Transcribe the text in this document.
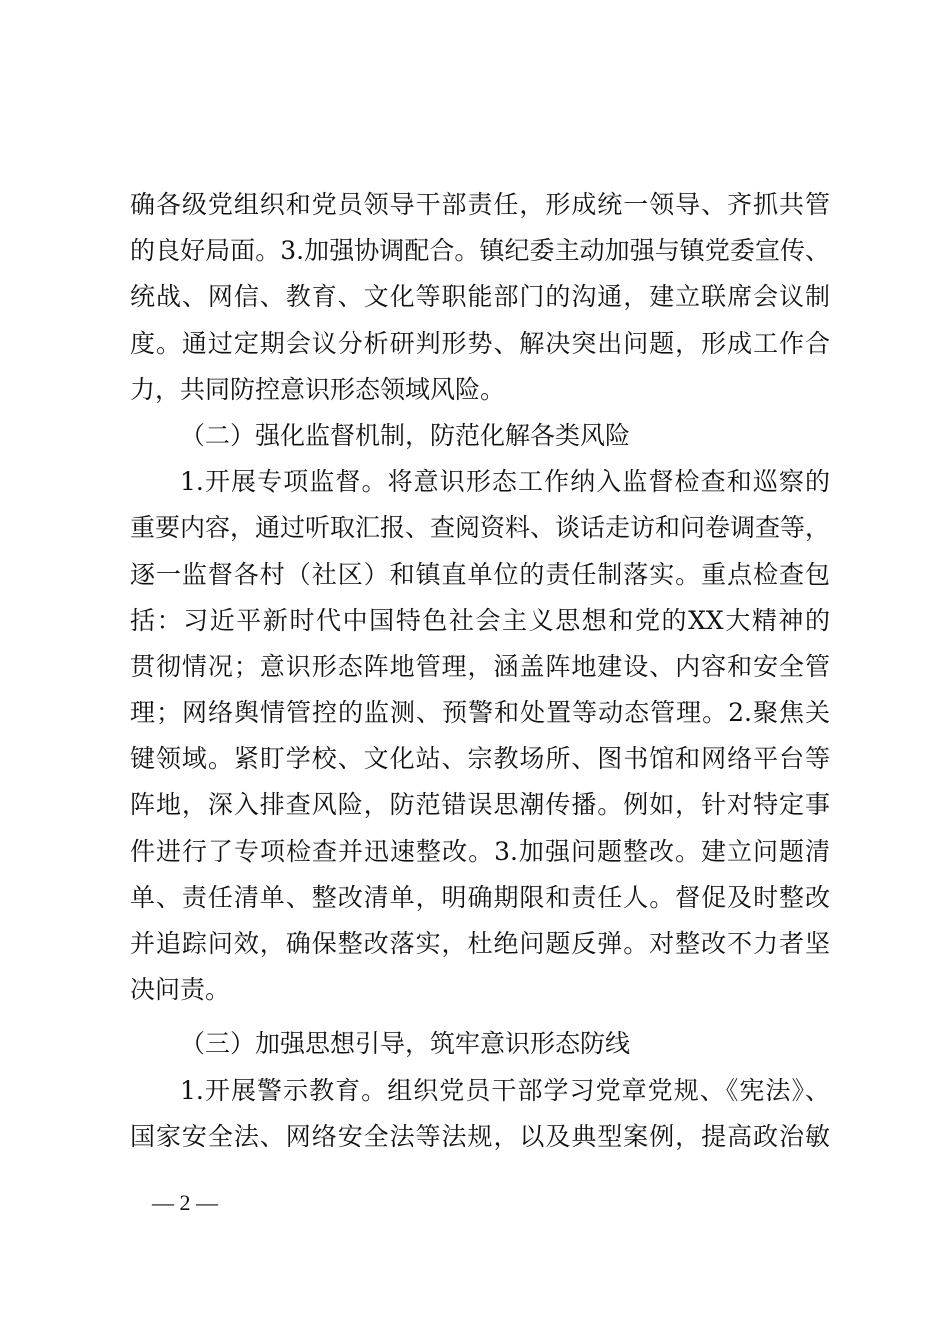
确各级党组织和党员领导干部责任，形成统一领导、齐抓共管
的良好局面。3.加强协调配合。镇纪委主动加强与镇党委宣传、
统战、网信、教育、文化等职能部门的沟通，建立联席会议制
度。通过定期会议分析研判形势、解决突出问题，形成工作合
力，共同防控意识形态领域风险。
（二）强化监督机制，防范化解各类风险
1.开展专项监督。将意识形态工作纳入监督检查和巡察的
重要内容，通过听取汇报、查阅资料、谈话走访和问卷调查等，
逐一监督各村（社区）和镇直单位的责任制落实。重点检查包
括：习近平新时代中国特色社会主义思想和党的XX大精神的
贯彻情况；意识形态阵地管理，涵盖阵地建设、内容和安全管
理；网络舆情管控的监测、预警和处置等动态管理。2.聚焦关
键领域。紧盯学校、文化站、宗教场所、图书馆和网络平台等
阵地，深入排查风险，防范错误思潮传播。例如，针对特定事
件进行了专项检查并迅速整改。3.加强问题整改。建立问题清
单、责任清单、整改清单，明确期限和责任人。督促及时整改
并追踪问效，确保整改落实，杜绝问题反弹。对整改不力者坚
决问责。
（三）加强思想引导，筑牢意识形态防线
1.开展警示教育。组织党员干部学习党章党规、《宪法》、
国家安全法、网络安全法等法规，以及典型案例，提高政治敏
— 2 —
